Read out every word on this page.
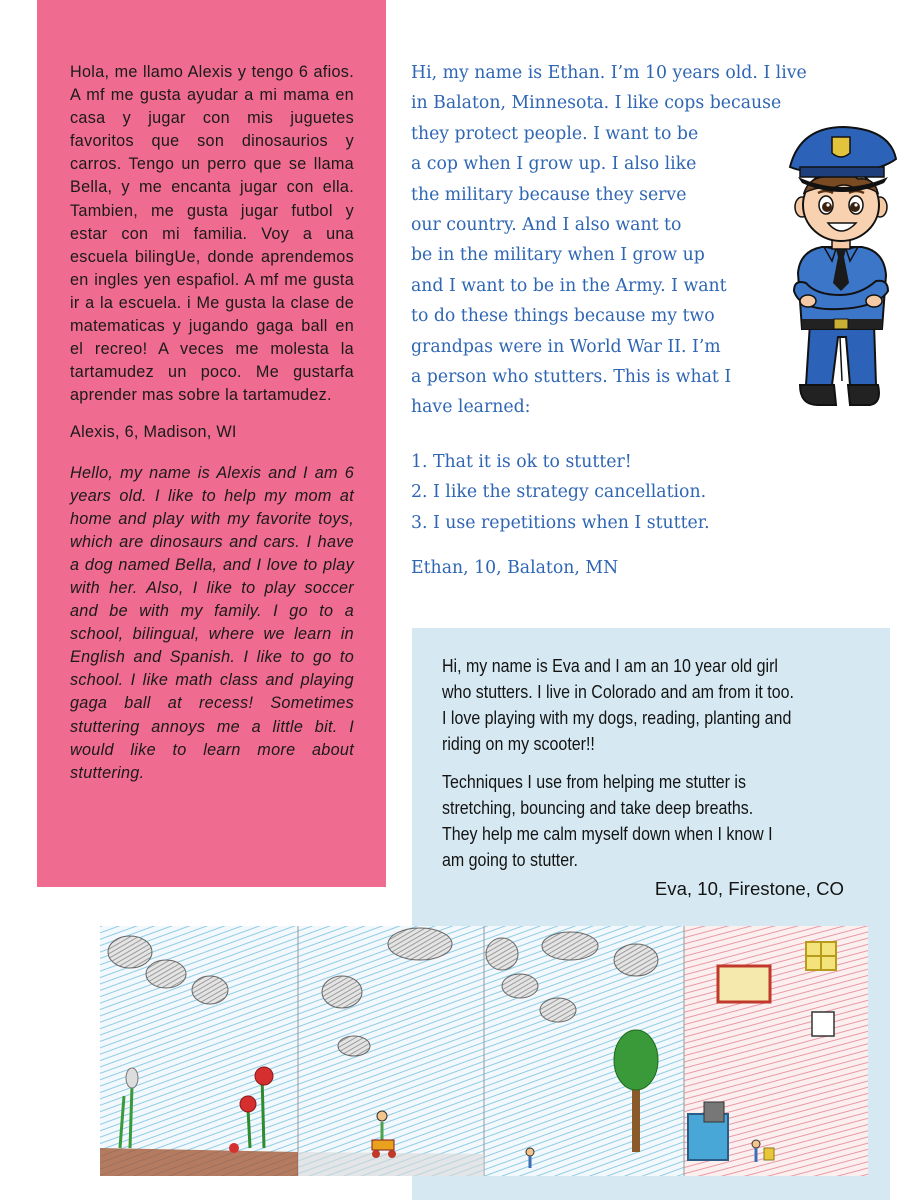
Hola, me llamo Alexis y tengo 6 afios. A mf me gusta ayudar a mi mama en casa y jugar con mis juguetes favoritos que son dinosaurios y carros. Tengo un perro que se llama Bella, y me encanta jugar con ella. Tambien, me gusta jugar futbol y estar con mi familia. Voy a una escuela bilingUe, donde aprendemos en ingles yen espafiol. A mf me gusta ir a la escuela. i Me gusta la clase de matematicas y jugando gaga ball en el recreo! A veces me molesta la tartamudez un poco. Me gustarfa aprender mas sobre la tartamudez.

Alexis, 6, Madison, WI

Hello, my name is Alexis and I am 6 years old. I like to help my mom at home and play with my favorite toys, which are dinosaurs and cars. I have a dog named Bella, and I love to play with her. Also, I like to play soccer and be with my family. I go to a school, bilingual, where we learn in English and Spanish. I like to go to school. I like math class and playing gaga ball at recess! Sometimes stuttering annoys me a little bit. I would like to learn more about stuttering.

Hi, my name is Ethan. I’m 10 years old. I live
in Balaton, Minnesota. I like cops because
they protect people. I want to be
a cop when I grow up. I also like
the military because they serve
our country. And I also want to
be in the military when I grow up
and I want to be in the Army. I want
to do these things because my two
grandpas were in World War II. I’m
a person who stutters. This is what I
have learned:
1. That it is ok to stutter!
2. I like the strategy cancellation.
3. I use repetitions when I stutter.
Ethan, 10, Balaton, MN
Hi, my name is Eva and I am an 10 year old girl
who stutters. I live in Colorado and am from it too.
I love playing with my dogs, reading, planting and
riding on my scooter!!
Techniques I use from helping me stutter is
stretching, bouncing and take deep breaths.
They help me calm myself down when I know I
am going to stutter.
Eva, 10, Firestone, CO
